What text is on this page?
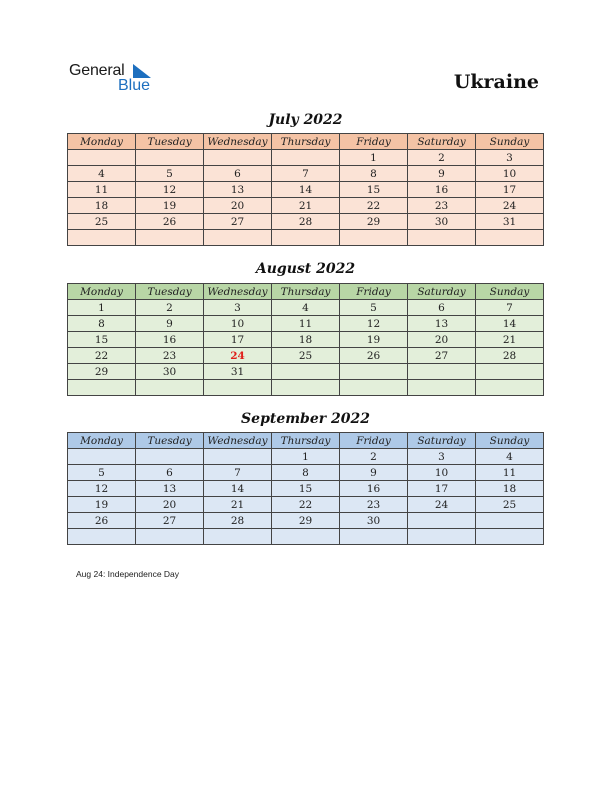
General
Blue	Ukraine
July 2022
Monday	Tuesday	Wednesday	Thursday	Friday	Saturday	Sunday
				1	2	3
4	5	6	7	8	9	10
11	12	13	14	15	16	17
18	19	20	21	22	23	24
25	26	27	28	29	30	31

August 2022
Monday	Tuesday	Wednesday	Thursday	Friday	Saturday	Sunday
1	2	3	4	5	6	7
8	9	10	11	12	13	14
15	16	17	18	19	20	21
22	23	24	25	26	27	28
29	30	31				

September 2022
Monday	Tuesday	Wednesday	Thursday	Friday	Saturday	Sunday
			1	2	3	4
5	6	7	8	9	10	11
12	13	14	15	16	17	18
19	20	21	22	23	24	25
26	27	28	29	30		

Aug 24: Independence Day
